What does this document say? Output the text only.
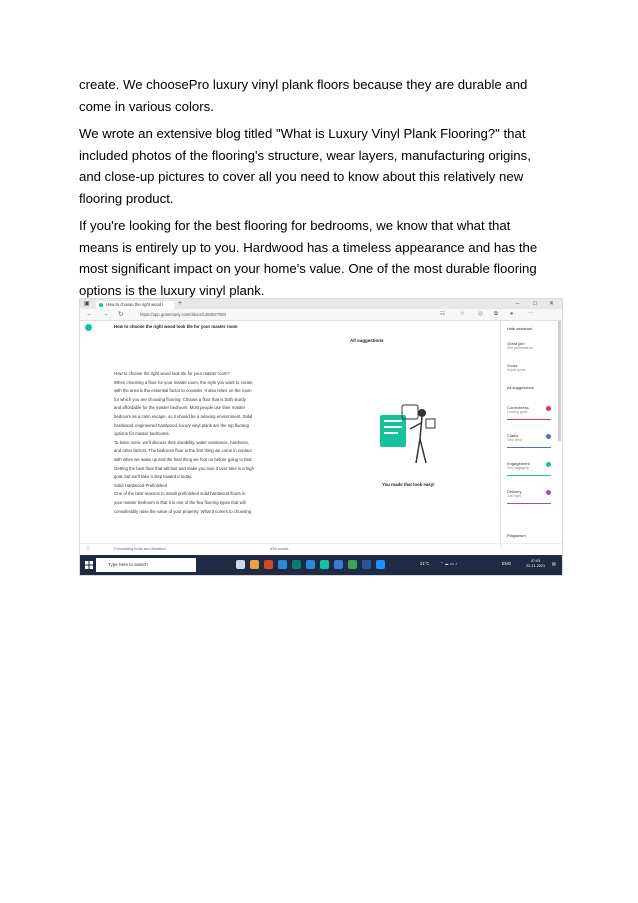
create. We choosePro luxury vinyl plank floors because they are durable and
come in various colors.

We wrote an extensive blog titled "What is Luxury Vinyl Plank Flooring?" that
included photos of the flooring's structure, wear layers, manufacturing origins,
and close-up pictures to cover all you need to know about this relatively new
flooring product.

If you're looking for the best flooring for bedrooms, we know that what that
means is entirely up to you. Hardwood has a timeless appearance and has the
most significant impact on your home's value. One of the most durable flooring
options is the luxury vinyl plank.

▣	How to choose the right wood l	+	– □ ✕
← → ↻	https://app.grammarly.com/ddocs/1383827083	☷	☆ ◎ ⧉ ●	⋯
How to choose the right wood look tile for your master room
All suggestions
How to choose the right wood look tile for your master room?
When choosing a floor for your master room, the style you want to create
with the area is the essential factor to consider. It also relies on the room
for which you are choosing flooring. Choose a floor that is both sturdy
and affordable for the master bedroom. Most people use their master
bedroom as a calm escape, so it should be a relaxing environment. Solid
hardwood, engineered hardwood, luxury vinyl plank are the top flooring
options for master bedrooms.
To learn more, we'll discuss their durability, water resistance, hardness,
and other factors. The bedroom floor is the first thing we come in contact
with when we wake up and the final thing we foot on before going to bed.
Getting the best floor that will last and make you love it over time is a high
goal, but we'll take a step toward it today.
Solid Hardwood Prefinished
One of the best reasons to install prefinished solid hardwood floors in
your master bedroom is that it is one of the few flooring types that will
considerably raise the value of your property. What it comes to choosing
You made that look easy!
Hide assistant
Great job!
See performance
Goals
Adjust goals
All suggestions
Correctness
Looking good
Clarity
Very clear
Engagement
Very engaging
Delivery
Just right
Plagiarism
ⓘ	Formatting tools are disabled	636 words
Type here to search	21°C	⌃ ☁ ▭ ♪	ENG	07:03
22-11-2021 ▤
